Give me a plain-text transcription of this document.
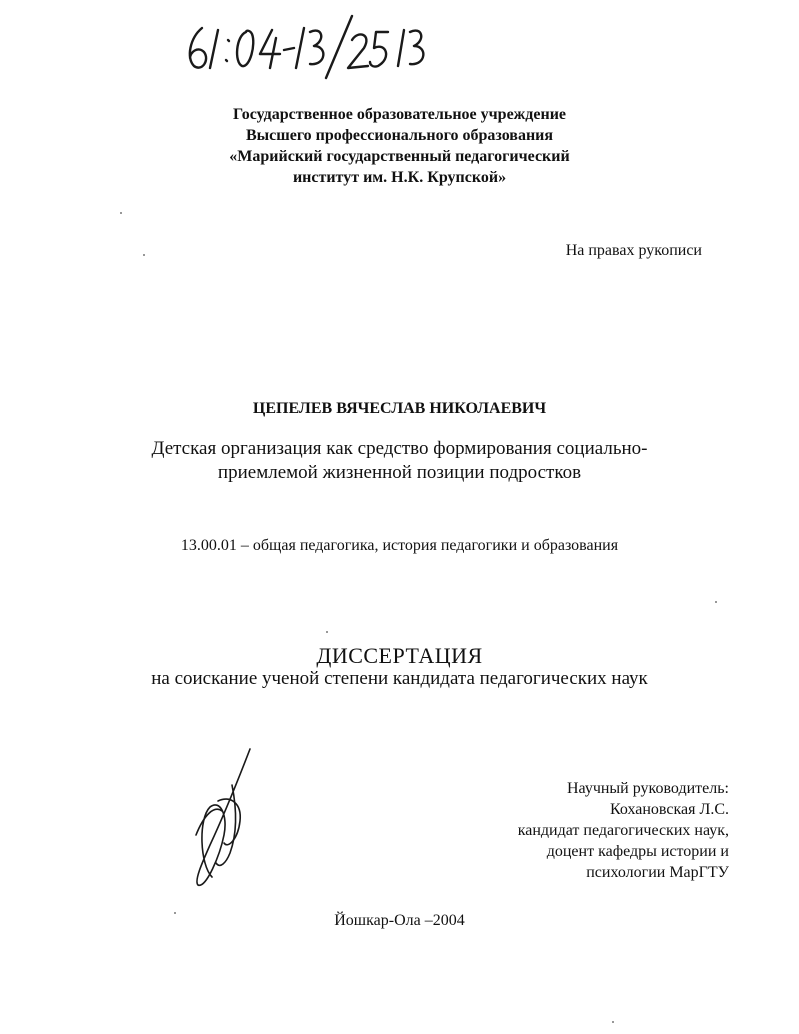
Государственное образовательное учреждение
Высшего профессионального образования
«Марийский государственный педагогический
институт им. Н.К. Крупской»
На правах рукописи
ЦЕПЕЛЕВ ВЯЧЕСЛАВ НИКОЛАЕВИЧ
Детская организация как средство формирования социально-
приемлемой жизненной позиции подростков
13.00.01 – общая педагогика, история педагогики и образования
ДИССЕРТАЦИЯ
на соискание ученой степени кандидата педагогических наук
Научный руководитель:
Кохановская Л.С.
кандидат педагогических наук,
доцент кафедры истории и
психологии МарГТУ
Йошкар-Ола –2004
